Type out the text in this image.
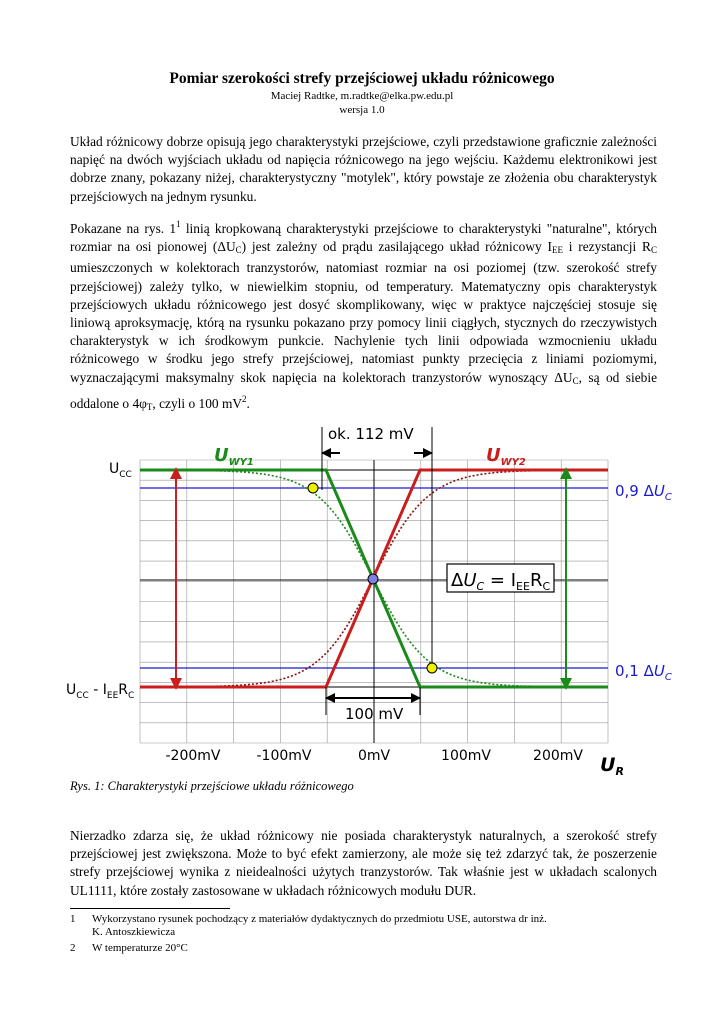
Pomiar szerokości strefy przejściowej układu różnicowego
Maciej Radtke, m.radtke@elka.pw.edu.pl
wersja 1.0

Układ różnicowy dobrze opisują jego charakterystyki przejściowe, czyli przedstawione graficznie zależności napięć na dwóch wyjściach układu od napięcia różnicowego na jego wejściu. Każdemu elektronikowi jest dobrze znany, pokazany niżej, charakterystyczny "motylek", który powstaje ze złożenia obu charakterystyk przejściowych na jednym rysunku.

Pokazane na rys. $1^1$ linią kropkowaną charakterystyki przejściowe to charakterystyki "naturalne", których rozmiar na osi pionowej $(\Delta U_C)$ jest zależny od prądu zasilającego układ różnicowy $I_{EE}$ i rezystancji $R_C$ umieszczonych w kolektorach tranzystorów, natomiast rozmiar na osi poziomej (tzw. szerokość strefy przejściowej) zależy tylko, w niewielkim stopniu, od temperatury. Matematyczny opis charakterystyk przejściowych układu różnicowego jest dosyć skomplikowany, więc w praktyce najczęściej stosuje się liniową aproksymację, którą na rysunku pokazano przy pomocy linii ciągłych, stycznych do rzeczywistych charakterystyk w ich środkowym punkcie. Nachylenie tych linii odpowiada wzmocnieniu układu różnicowego w środku jego strefy przejściowej, natomiast punkty przecięcia z liniami poziomymi, wyznaczającymi maksymalny skok napięcia na kolektorach tranzystorów wynoszący $\Delta U_C$, są od siebie oddalone o $4\varphi_T$, czyli o 100 $mV^2$.

ok. 112 mV
100 mV
$U_{WY1}$	$U_{WY2}$
$U_{CC}$
$U_{CC} - I_{EE}R_C$
0,9 $\Delta U_C$
0,1 $\Delta U_C$
$\Delta U_C = I_{EE}R_C$
-200mV	-100mV	0mV	100mV	200mV $U_R$
Rys. 1: Charakterystyki przejściowe układu różnicowego

Nierzadko zdarza się, że układ różnicowy nie posiada charakterystyk naturalnych, a szerokość strefy przejściowej jest zwiększona. Może to być efekt zamierzony, ale może się też zdarzyć tak, że poszerzenie strefy przejściowej wynika z nieidealności użytych tranzystorów. Tak właśnie jest w układach scalonych UL1111, które zostały zastosowane w układach różnicowych modułu DUR.

1 Wykorzystano rysunek pochodzący z materiałów dydaktycznych do przedmiotu USE, autorstwa dr inż.
K. Antoszkiewicza
2 W temperaturze 20°C
